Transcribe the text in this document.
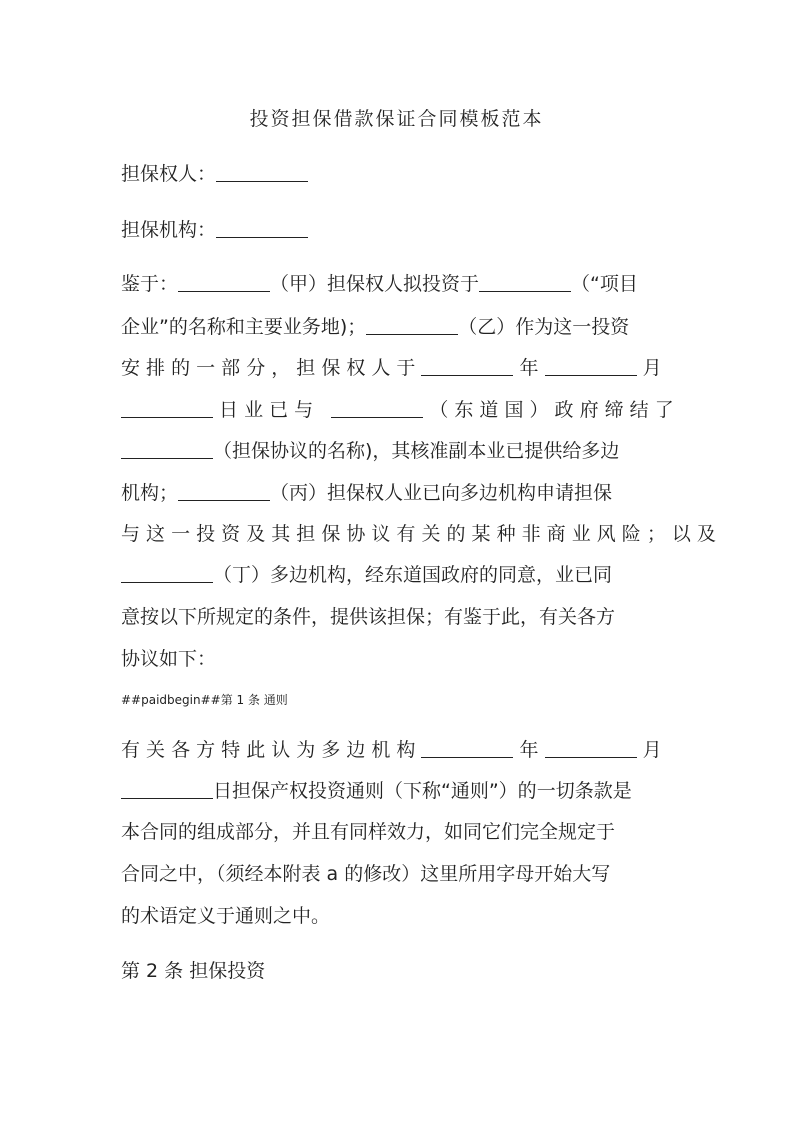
投资担保借款保证合同模板范本
担保权人：
担保机构：
鉴于：	（甲）担保权人拟投资于	（“项目
企业”的名称和主要业务地)；	（乙）作为这一投资
安 排 的 一 部 分 ， 担 保 权 人 于	年	月
日 业 已 与	（ 东 道 国 ） 政 府 缔 结 了
（担保协议的名称)，其核准副本业已提供给多边
机构；	（丙）担保权人业已向多边机构申请担保
与 这 一 投 资 及 其 担 保 协 议 有 关 的 某 种 非 商 业 风 险 ； 以 及
（丁）多边机构，经东道国政府的同意，业已同
意按以下所规定的条件，提供该担保；有鉴于此，有关各方
协议如下：
##paidbegin##第 1 条 通则
有 关 各 方 特 此 认 为 多 边 机 构	年	月
日担保产权投资通则（下称“通则”）的一切条款是
本合同的组成部分，并且有同样效力，如同它们完全规定于
合同之中，（须经本附表 a 的修改）这里所用字母开始大写
的术语定义于通则之中。
第 2 条 担保投资
